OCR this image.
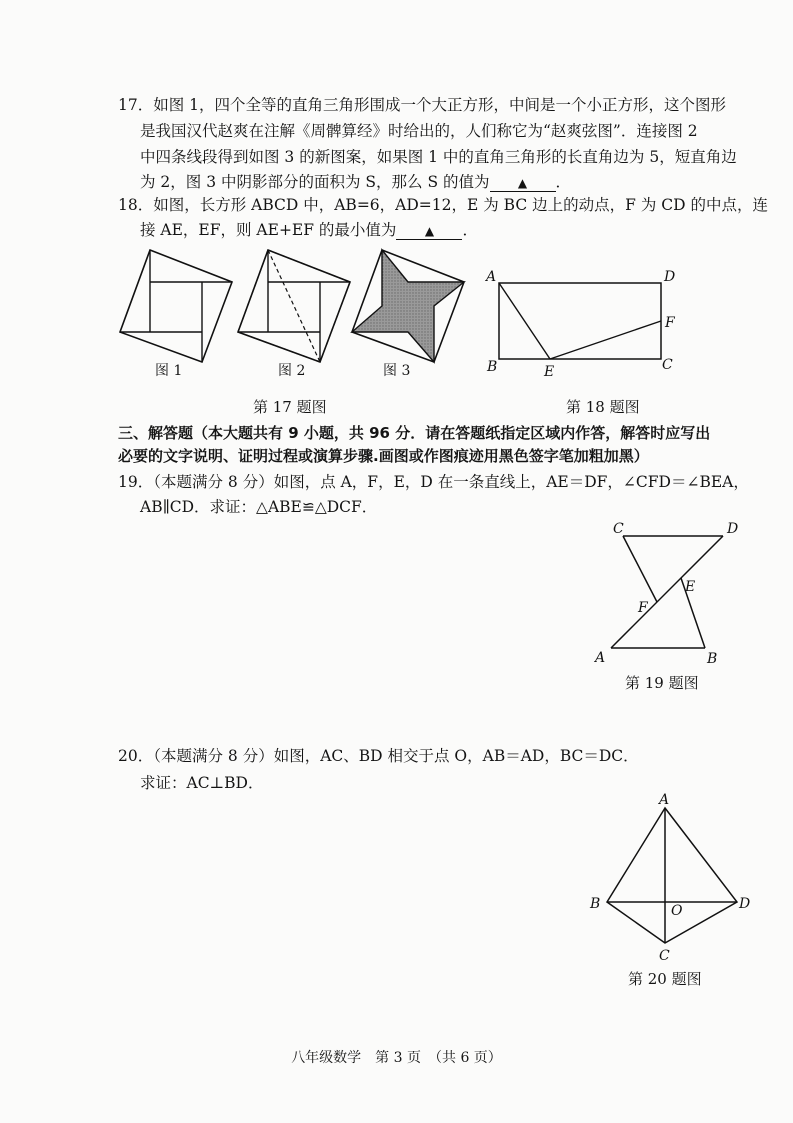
17．如图 1，四个全等的直角三角形围成一个大正方形，中间是一个小正方形，这个图形
是我国汉代赵爽在注解《周髀算经》时给出的，人们称它为“赵爽弦图”．连接图 2
中四条线段得到如图 3 的新图案，如果图 1 中的直角三角形的长直角边为 5，短直角边
为 2，图 3 中阴影部分的面积为 S，那么 S 的值为 ▲ ．
18．如图，长方形 ABCD 中，AB=6，AD=12，E 为 BC 边上的动点，F 为 CD 的中点，连
接 AE，EF，则 AE+EF 的最小值为 ▲ ．
图 1	图 2	图 3
第 17 题图
A	D
F
B	E	C
第 18 题图
三、解答题（本大题共有 9 小题，共 96 分．请在答题纸指定区域内作答，解答时应写出
必要的文字说明、证明过程或演算步骤.画图或作图痕迹用黑色签字笔加粗加黑）
19．（本题满分 8 分）如图，点 A，F，E，D 在一条直线上，AE＝DF，∠CFD＝∠BEA，
AB∥CD．求证：△ABE≌△DCF．
C	D
E
F
A	B
第 19 题图
20．（本题满分 8 分）如图，AC、BD 相交于点 O，AB＝AD，BC＝DC．
求证：AC⊥BD．
A
B	O	D
C
第 20 题图
八年级数学　第 3 页　（共 6 页）
